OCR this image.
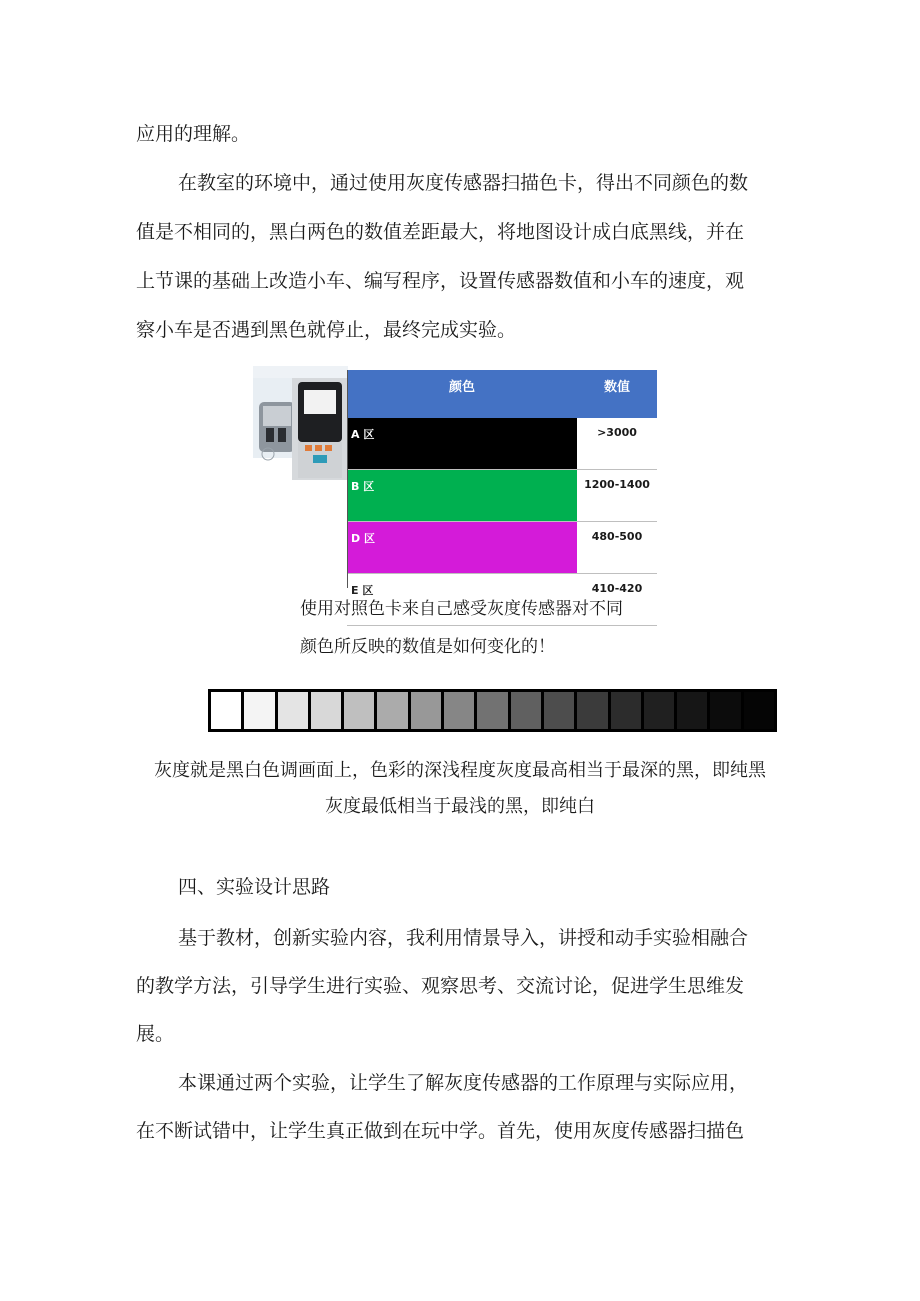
应用的理解。

在教室的环境中，通过使用灰度传感器扫描色卡，得出不同颜色的数

值是不相同的，黑白两色的数值差距最大，将地图设计成白底黑线，并在

上节课的基础上改造小车、编写程序，设置传感器数值和小车的速度，观

察小车是否遇到黑色就停止，最终完成实验。

颜色	数值
A 区	>3000
B 区	1200-1400
D 区	480-500
E 区	410-420

使用对照色卡来自己感受灰度传感器对不同

颜色所反映的数值是如何变化的！

灰度就是黑白色调画面上，色彩的深浅程度灰度最高相当于最深的黑，即纯黑

灰度最低相当于最浅的黑，即纯白

四、实验设计思路

基于教材，创新实验内容，我利用情景导入，讲授和动手实验相融合

的教学方法，引导学生进行实验、观察思考、交流讨论，促进学生思维发

展。

本课通过两个实验，让学生了解灰度传感器的工作原理与实际应用，

在不断试错中，让学生真正做到在玩中学。首先，使用灰度传感器扫描色
